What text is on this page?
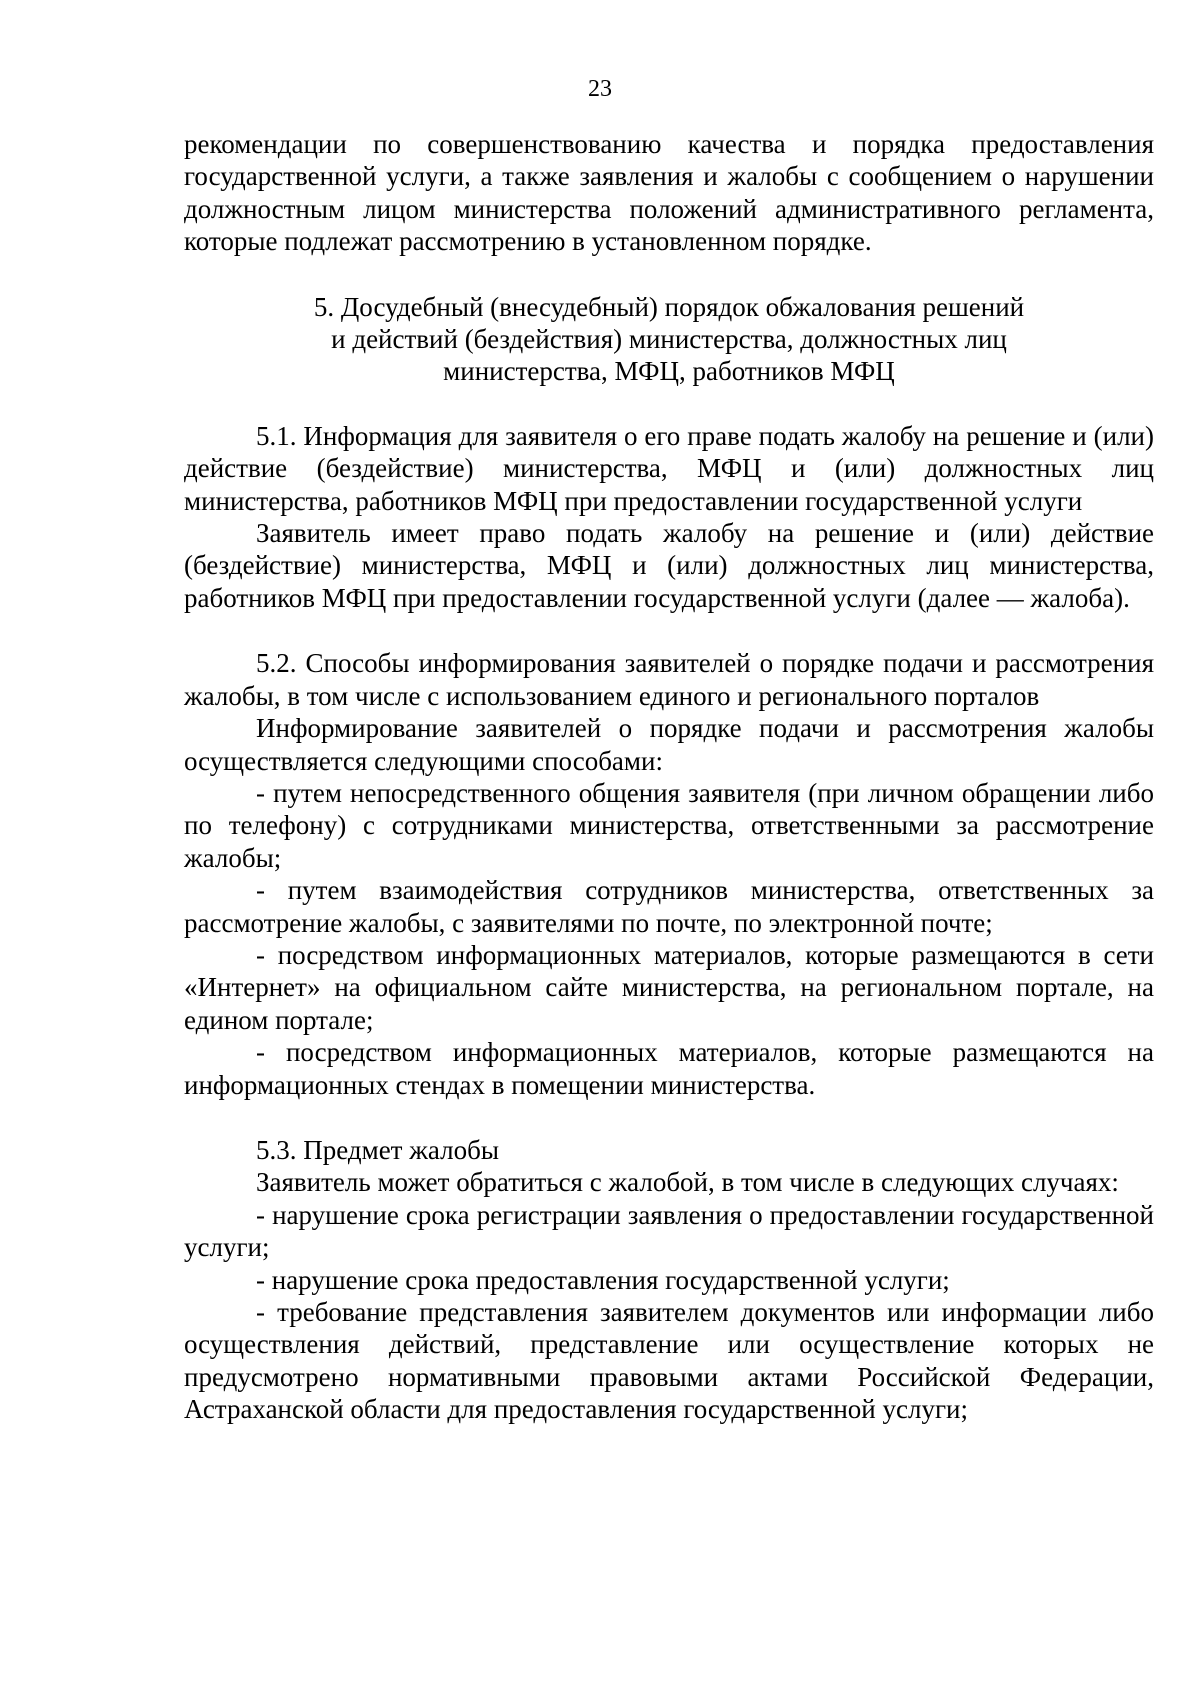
23

рекомендации по совершенствованию качества и порядка предоставления государственной услуги, а также заявления и жалобы с сообщением о нарушении должностным лицом министерства положений административного регламента, которые подлежат рассмотрению в установленном порядке.

5. Досудебный (внесудебный) порядок обжалования решений

и действий (бездействия) министерства, должностных лиц

министерства, МФЦ, работников МФЦ

5.1. Информация для заявителя о его праве подать жалобу на решение и (или) действие (бездействие) министерства, МФЦ и (или) должностных лиц министерства, работников МФЦ при предоставлении государственной услуги

Заявитель имеет право подать жалобу на решение и (или) действие (бездействие) министерства, МФЦ и (или) должностных лиц министерства, работников МФЦ при предоставлении государственной услуги (далее — жалоба).

5.2. Способы информирования заявителей о порядке подачи и рассмотрения жалобы, в том числе с использованием единого и регионального порталов

Информирование заявителей о порядке подачи и рассмотрения жалобы осуществляется следующими способами:

- путем непосредственного общения заявителя (при личном обращении либо по телефону) с сотрудниками министерства, ответственными за рассмотрение жалобы;

- путем взаимодействия сотрудников министерства, ответственных за рассмотрение жалобы, с заявителями по почте, по электронной почте;

- посредством информационных материалов, которые размещаются в сети «Интернет» на официальном сайте министерства, на региональном портале, на едином портале;

- посредством информационных материалов, которые размещаются на информационных стендах в помещении министерства.

5.3. Предмет жалобы

Заявитель может обратиться с жалобой, в том числе в следующих случаях:

- нарушение срока регистрации заявления о предоставлении государственной услуги;

- нарушение срока предоставления государственной услуги;

- требование представления заявителем документов или информации либо осуществления действий, представление или осуществление которых не предусмотрено нормативными правовыми актами Российской Федерации, Астраханской области для предоставления государственной услуги;
